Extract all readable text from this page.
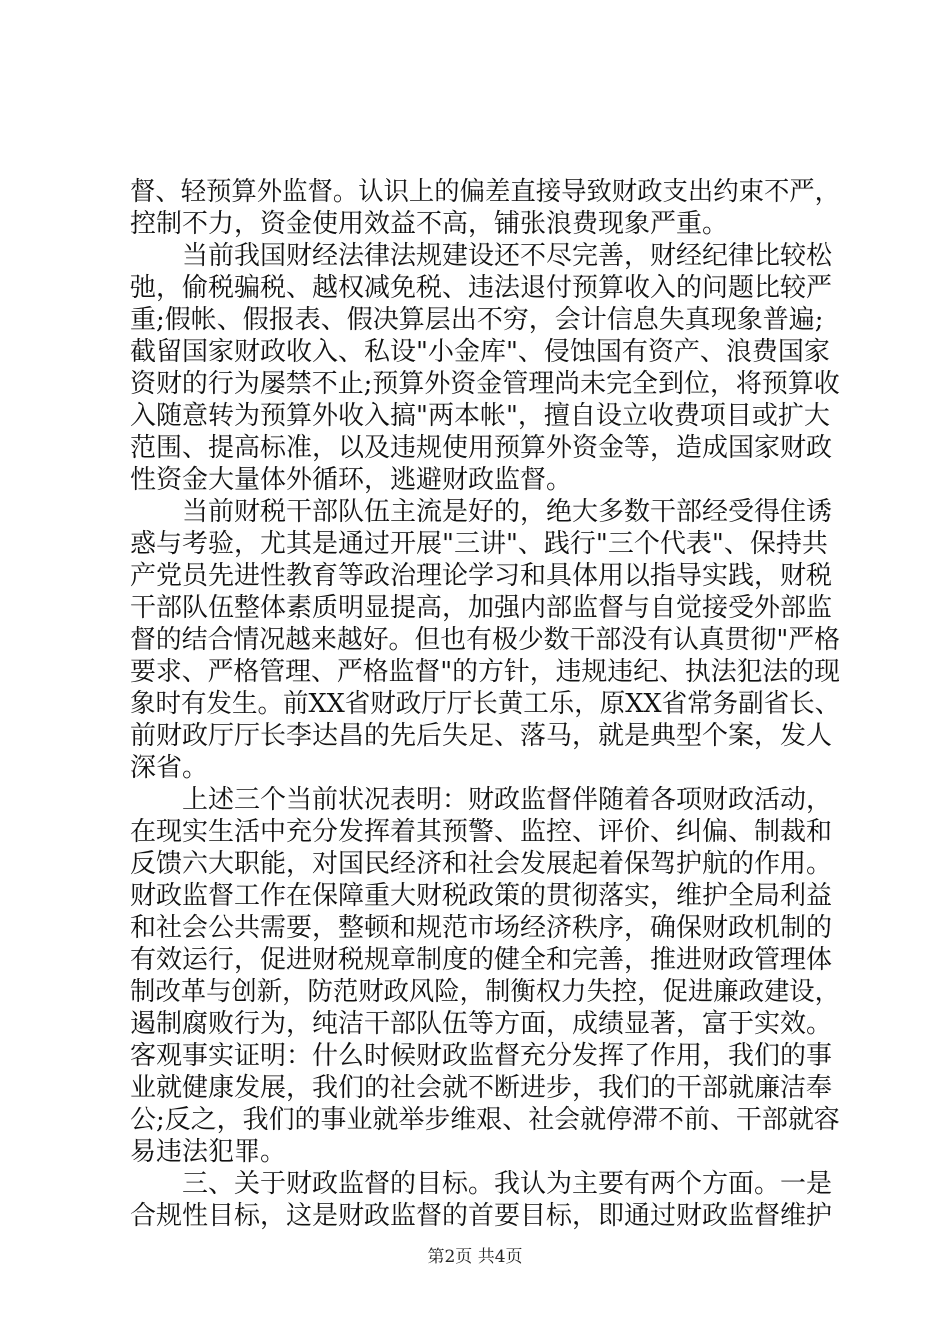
督、轻预算外监督。认识上的偏差直接导致财政支出约束不严，
控制不力，资金使用效益不高，铺张浪费现象严重。
　　当前我国财经法律法规建设还不尽完善，财经纪律比较松
弛，偷税骗税、越权减免税、违法退付预算收入的问题比较严
重;假帐、假报表、假决算层出不穷，会计信息失真现象普遍;
截留国家财政收入、私设"小金库"、侵蚀国有资产、浪费国家
资财的行为屡禁不止;预算外资金管理尚未完全到位，将预算收
入随意转为预算外收入搞"两本帐"，擅自设立收费项目或扩大
范围、提高标准，以及违规使用预算外资金等，造成国家财政
性资金大量体外循环，逃避财政监督。
　　当前财税干部队伍主流是好的，绝大多数干部经受得住诱
惑与考验，尤其是通过开展"三讲"、践行"三个代表"、保持共
产党员先进性教育等政治理论学习和具体用以指导实践，财税
干部队伍整体素质明显提高，加强内部监督与自觉接受外部监
督的结合情况越来越好。但也有极少数干部没有认真贯彻"严格
要求、严格管理、严格监督"的方针，违规违纪、执法犯法的现
象时有发生。前XX省财政厅厅长黄工乐，原XX省常务副省长、
前财政厅厅长李达昌的先后失足、落马，就是典型个案，发人
深省。
　　上述三个当前状况表明：财政监督伴随着各项财政活动，
在现实生活中充分发挥着其预警、监控、评价、纠偏、制裁和
反馈六大职能，对国民经济和社会发展起着保驾护航的作用。
财政监督工作在保障重大财税政策的贯彻落实，维护全局利益
和社会公共需要，整顿和规范市场经济秩序，确保财政机制的
有效运行，促进财税规章制度的健全和完善，推进财政管理体
制改革与创新，防范财政风险，制衡权力失控，促进廉政建设，
遏制腐败行为，纯洁干部队伍等方面，成绩显著，富于实效。
客观事实证明：什么时候财政监督充分发挥了作用，我们的事
业就健康发展，我们的社会就不断进步，我们的干部就廉洁奉
公;反之，我们的事业就举步维艰、社会就停滞不前、干部就容
易违法犯罪。
　　三、关于财政监督的目标。我认为主要有两个方面。一是
合规性目标，这是财政监督的首要目标，即通过财政监督维护
第2页 共4页
